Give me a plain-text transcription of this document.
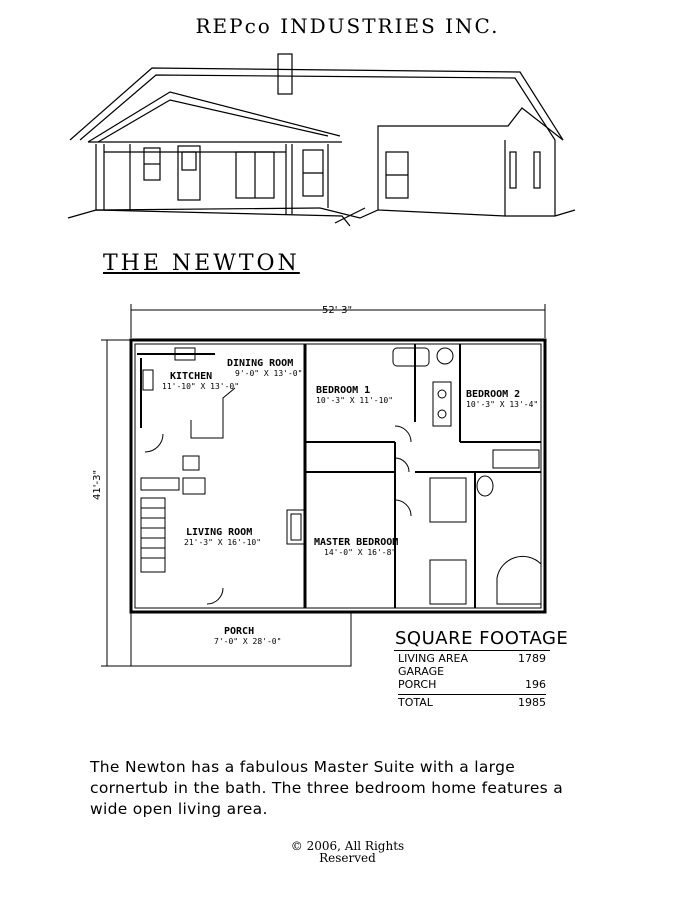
REPco INDUSTRIES INC.
THE NEWTON
52'-3"
41'-3"
DINING ROOM
9'-0" X 13'-0"
KITCHEN
11'-10" X 13'-0"	BEDROOM 1
10'-3" X 11'-10"
BEDROOM 2
10'-3" X 13'-4"
LIVING ROOM
21'-3" X 16'-10"	MASTER BEDROOM
14'-0" X 16'-8"
PORCH
7'-0" X 28'-0"	SQUARE FOOTAGE
LIVING AREA	1789
GARAGE
PORCH	196
TOTAL	1985
The Newton has a fabulous Master Suite with a large cornertub in the bath. The three bedroom home features a wide open living area.
© 2006, All Rights
Reserved
